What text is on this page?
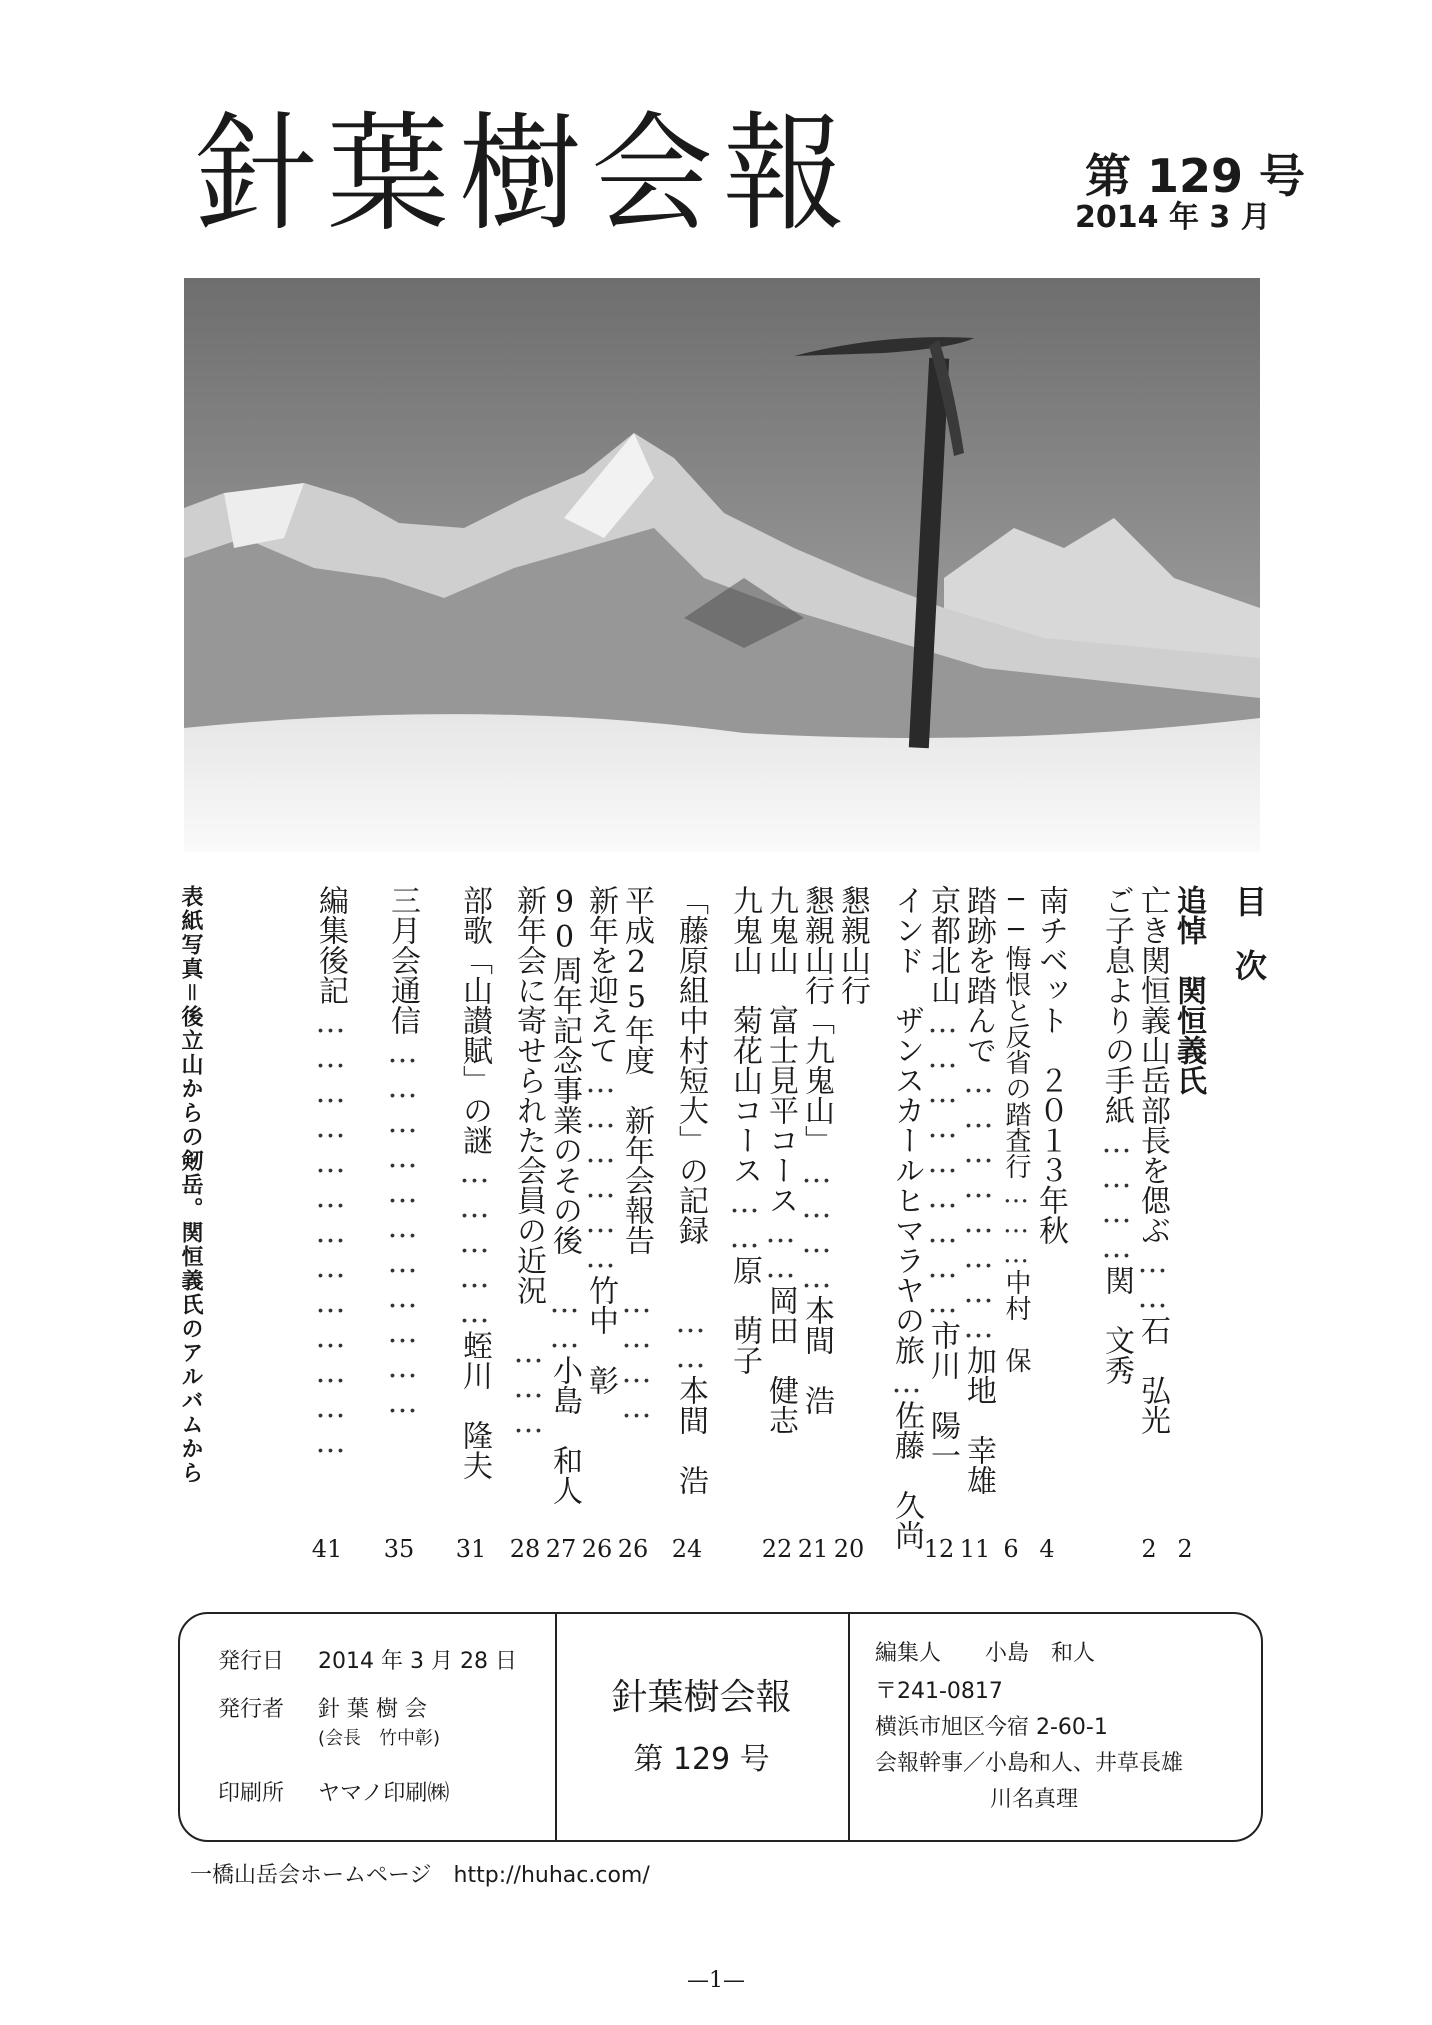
針葉樹会報	第 129 号
2014 年 3 月
目　次
追悼　関恒義氏
亡き関恒義山岳部長を偲ぶ……石　弘光
ご子息よりの手紙…………関　文秀
南チベット　２０１３年秋
──悔恨と反省の踏査行………中村　保
踏跡を踏んで……………………加地　幸雄
京都北山………………………市川　陽一
インド　ザンスカールヒマラヤの旅…佐藤　久尚
懇親山行
懇親山行「九鬼山」…………本間　浩
九鬼山　富士見平コース……岡田　健志
九鬼山　菊花山コース……原　萌子
「藤原組中村短大」の記録　　……本間　浩
平成25年度　新年会報告　…………
新年を迎えて………………竹中　彰
90周年記念事業のその後　……小島　和人
新年会に寄せられた会員の近況　………
部歌「山讃賦」の謎……………蛭川　隆夫
三月会通信……………………………
編集後記…………………………………
表紙写真＝後立山からの剱岳。関恒義氏のアルバムから
2
2
4
6
11
12
20
21
22
24
26
26
27
28
31
35
41
発行日 2014 年 3 月 28 日
発行者 針 葉 樹 会
(会長　竹中彰)
印刷所 ヤマノ印刷㈱
針葉樹会報
第 129 号
編集人　　小島　和人
〒241-0817
横浜市旭区今宿 2-60-1
会報幹事／小島和人、井草長雄
川名真理
一橋山岳会ホームページ　http://huhac.com/
—1—
